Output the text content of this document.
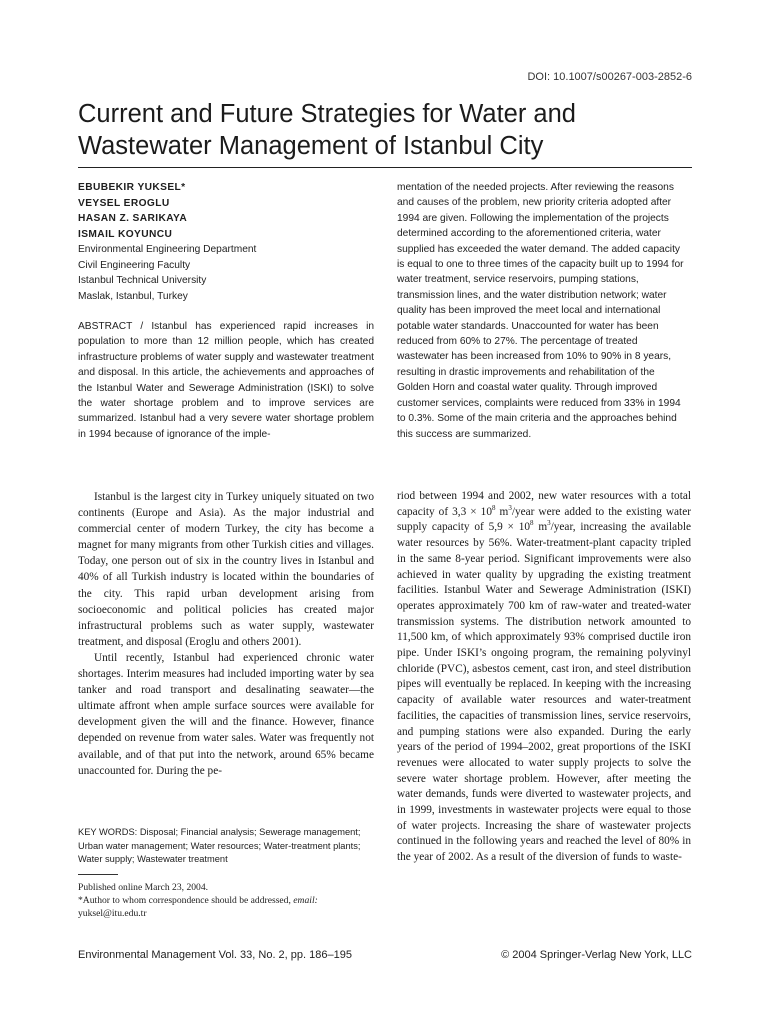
DOI: 10.1007/s00267-003-2852-6
Current and Future Strategies for Water and Wastewater Management of Istanbul City
EBUBEKIR YUKSEL*
VEYSEL EROGLU
HASAN Z. SARIKAYA
ISMAIL KOYUNCU
Environmental Engineering Department
Civil Engineering Faculty
Istanbul Technical University
Maslak, Istanbul, Turkey
ABSTRACT / Istanbul has experienced rapid increases in population to more than 12 million people, which has created infrastructure problems of water supply and wastewater treatment and disposal. In this article, the achievements and approaches of the Istanbul Water and Sewerage Administration (ISKI) to solve the water shortage problem and to improve services are summarized. Istanbul had a very severe water shortage problem in 1994 because of ignorance of the imple-
mentation of the needed projects. After reviewing the reasons and causes of the problem, new priority criteria adopted after 1994 are given. Following the implementation of the projects determined according to the aforementioned criteria, water supplied has exceeded the water demand. The added capacity is equal to one to three times of the capacity built up to 1994 for water treatment, service reservoirs, pumping stations, transmission lines, and the water distribution network; water quality has been improved the meet local and international potable water standards. Unaccounted for water has been reduced from 60% to 27%. The percentage of treated wastewater has been increased from 10% to 90% in 8 years, resulting in drastic improvements and rehabilitation of the Golden Horn and coastal water quality. Through improved customer services, complaints were reduced from 33% in 1994 to 0.3%. Some of the main criteria and the approaches behind this success are summarized.

Istanbul is the largest city in Turkey uniquely situated on two continents (Europe and Asia). As the major industrial and commercial center of modern Turkey, the city has become a magnet for many migrants from other Turkish cities and villages. Today, one person out of six in the country lives in Istanbul and 40% of all Turkish industry is located within the boundaries of the city. This rapid urban development arising from socioeconomic and political policies has created major infrastructural problems such as water supply, wastewater treatment, and disposal (Eroglu and others 2001).

Until recently, Istanbul had experienced chronic water shortages. Interim measures had included importing water by sea tanker and road transport and desalinating seawater—the ultimate affront when ample surface sources were available for development given the will and the finance. However, finance depended on revenue from water sales. Water was frequently not available, and of that put into the network, around 65% became unaccounted for. During the pe-

riod between 1994 and 2002, new water resources with a total capacity of $3,3 \times 10^8$ $m^3$/year were added to the existing water supply capacity of $5,9 \times 10^8$ $m^3$/year, increasing the available water resources by 56%. Water-treatment-plant capacity tripled in the same 8-year period. Significant improvements were also achieved in water quality by upgrading the existing treatment facilities. Istanbul Water and Sewerage Administration (ISKI) operates approximately 700 km of raw-water and treated-water transmission systems. The distribution network amounted to 11,500 km, of which approximately 93% comprised ductile iron pipe. Under ISKI’s ongoing program, the remaining polyvinyl chloride (PVC), asbestos cement, cast iron, and steel distribution pipes will eventually be replaced. In keeping with the increasing capacity of available water resources and water-treatment facilities, the capacities of transmission lines, service reservoirs, and pumping stations were also expanded. During the early years of the period of 1994–2002, great proportions of the ISKI revenues were allocated to water supply projects to solve the severe water shortage problem. However, after meeting the water demands, funds were diverted to wastewater projects, and in 1999, investments in wastewater projects were equal to those of water projects. Increasing the share of wastewater projects continued in the following years and reached the level of 80% in the year of 2002. As a result of the diversion of funds to waste-

KEY WORDS: Disposal; Financial analysis; Sewerage management; Urban water management; Water resources; Water-treatment plants; Water supply; Wastewater treatment

Published online March 23, 2004.

*Author to whom correspondence should be addressed, email:

yuksel@itu.edu.tr

Environmental Management Vol. 33, No. 2, pp. 186–195	© 2004 Springer-Verlag New York, LLC
